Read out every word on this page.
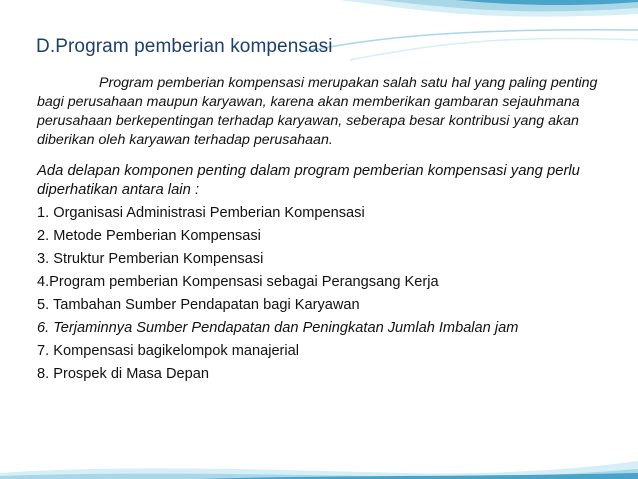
D.Program pemberian kompensasi

Program pemberian kompensasi merupakan salah satu hal yang paling penting bagi perusahaan maupun karyawan, karena akan memberikan gambaran sejauhmana perusahaan berkepentingan terhadap karyawan, seberapa besar kontribusi yang akan diberikan oleh karyawan terhadap perusahaan.

Ada delapan komponen penting dalam program pemberian kompensasi yang perlu diperhatikan antara lain :

1. Organisasi Administrasi Pemberian Kompensasi
2. Metode Pemberian Kompensasi
3. Struktur Pemberian Kompensasi
4.Program pemberian Kompensasi sebagai Perangsang Kerja
5. Tambahan Sumber Pendapatan bagi Karyawan
6. Terjaminnya Sumber Pendapatan dan Peningkatan Jumlah Imbalan jam
7. Kompensasi bagikelompok manajerial
8. Prospek di Masa Depan
